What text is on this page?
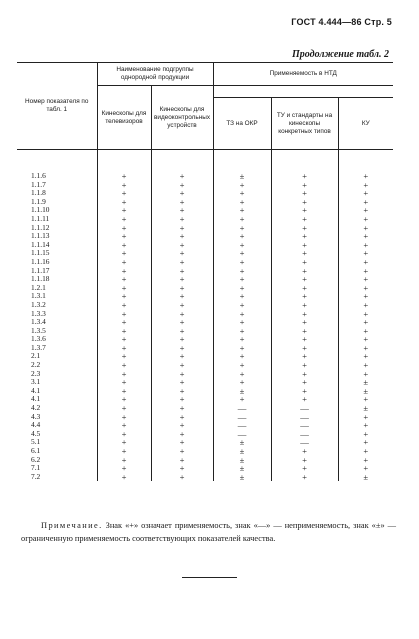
ГОСТ 4.444—86 Стр. 5
Продолжение табл. 2
Номер показателя по табл. 1	Наименование подгруппы однородной продукции		Применяемость в НТД		
	Кинескопы для телевизоров	Кинескопы для видеоконтрольных устройств			
			ТЗ на ОКР	ТУ и стандарты на кинескопы конкретных типов	КУ

1.1.6	+	+	±	+	+
1.1.7	+	+	+	+	+
1.1.8	+	+	+	+	+
1.1.9	+	+	+	+	+
1.1.10	+	+	+	+	+
1.1.11	+	+	+	+	+
1.1.12	+	+	+	+	+
1.1.13	+	+	+	+	+
1.1.14	+	+	+	+	+
1.1.15	+	+	+	+	+
1.1.16	+	+	+	+	+
1.1.17	+	+	+	+	+
1.1.18	+	+	+	+	+
1.2.1	+	+	+	+	+
1.3.1	+	+	+	+	+
1.3.2	+	+	+	+	+
1.3.3	+	+	+	+	+
1.3.4	+	+	+	+	+
1.3.5	+	+	+	+	+
1.3.6	+	+	+	+	+
1.3.7	+	+	+	+	+
2.1	+	+	+	+	+
2.2	+	+	+	+	+
2.3	+	+	+	+	+
3.1	+	+	+	+	±
4.1	+	+	±	+	±
4.1	+	+	+	+	+
4.2	+	+	—	—	±
4.3	+	+	—	—	+
4.4	+	+	—	—	+
4.5	+	+	—	—	+
5.1	+	+	±	—	+
6.1	+	+	±	+	+
6.2	+	+	±	+	+
7.1	+	+	±	+	+
7.2	+	+	±	+	±
Примечание. Знак «+» означает применяемость, знак «—» — неприменяемость, знак «±» — ограниченную применяемость соответствующих показателей качества.
